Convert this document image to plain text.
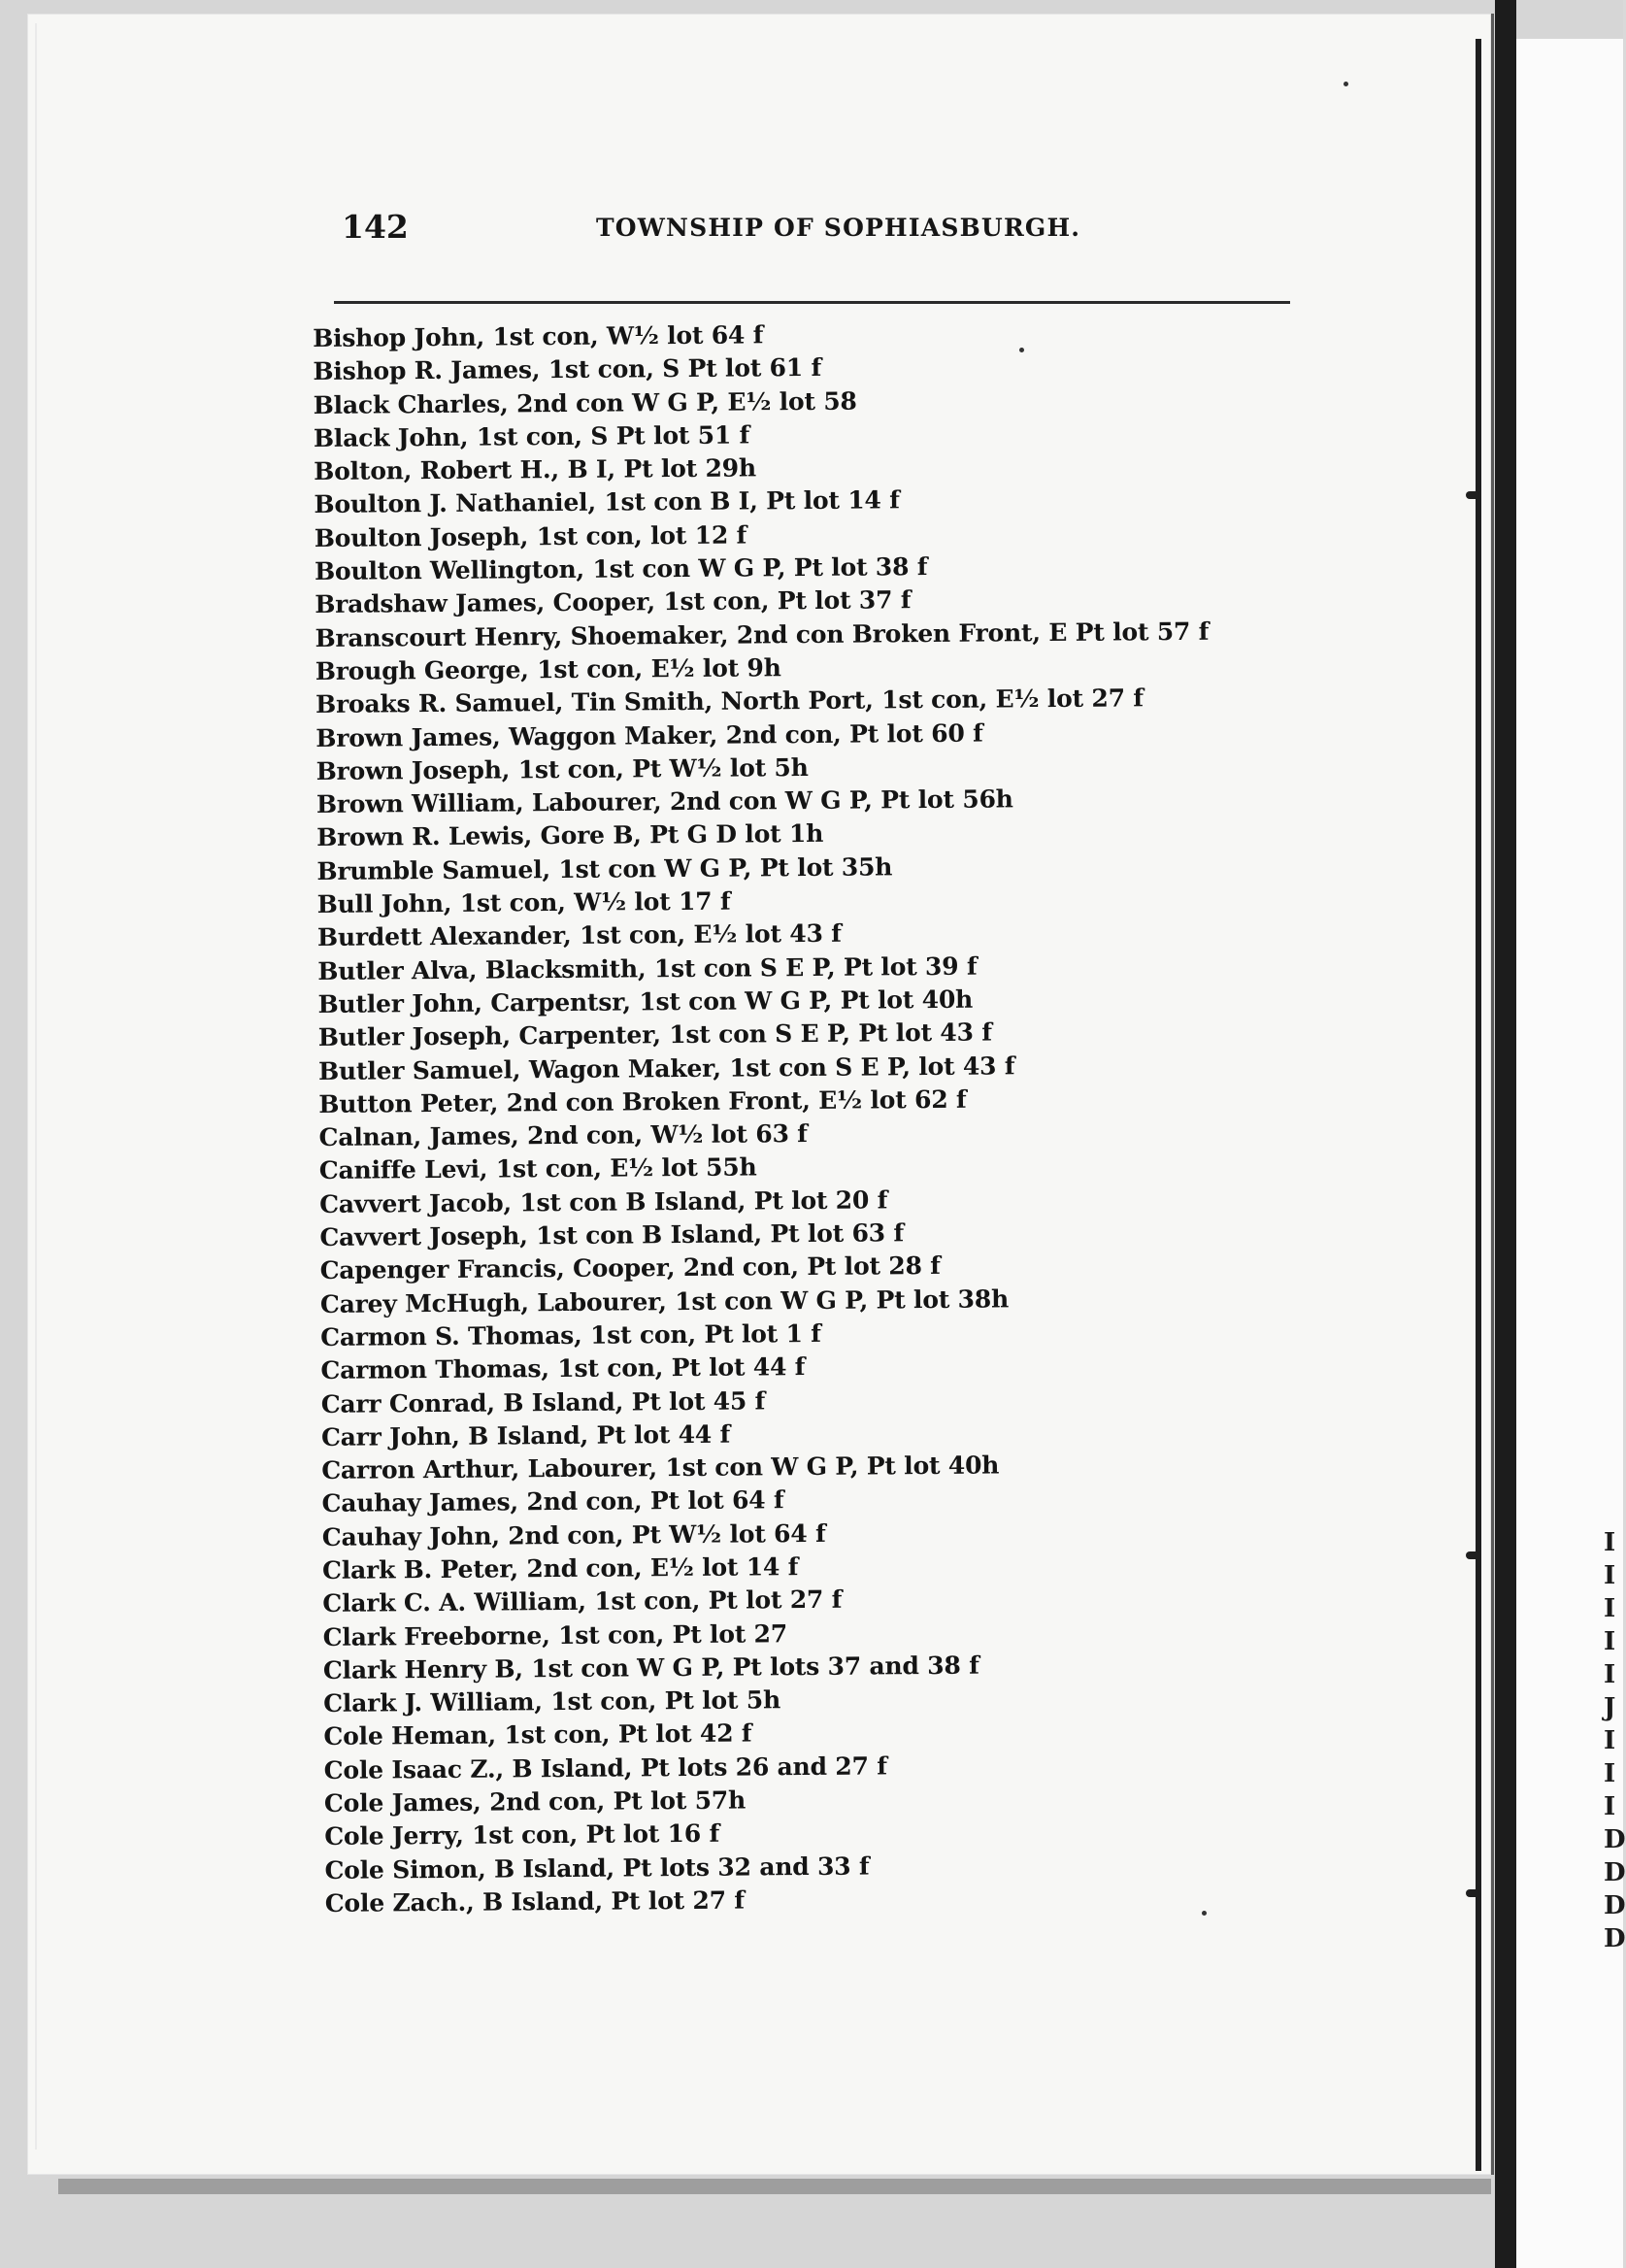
I
I
I
I
I
J
I
I
I
D
D
D
D
142	TOWNSHIP OF SOPHIASBURGH.
Bishop John, 1st con, W½ lot 64 f
Bishop R. James, 1st con, S Pt lot 61 f
Black Charles, 2nd con W G P, E½ lot 58
Black John, 1st con, S Pt lot 51 f
Bolton, Robert H., B I, Pt lot 29h
Boulton J. Nathaniel, 1st con B I, Pt lot 14 f
Boulton Joseph, 1st con, lot 12 f
Boulton Wellington, 1st con W G P, Pt lot 38 f
Bradshaw James, Cooper, 1st con, Pt lot 37 f
Branscourt Henry, Shoemaker, 2nd con Broken Front, E Pt lot 57 f
Brough George, 1st con, E½ lot 9h
Broaks R. Samuel, Tin Smith, North Port, 1st con, E½ lot 27 f
Brown James, Waggon Maker, 2nd con, Pt lot 60 f
Brown Joseph, 1st con, Pt W½ lot 5h
Brown William, Labourer, 2nd con W G P, Pt lot 56h
Brown R. Lewis, Gore B, Pt G D lot 1h
Brumble Samuel, 1st con W G P, Pt lot 35h
Bull John, 1st con, W½ lot 17 f
Burdett Alexander, 1st con, E½ lot 43 f
Butler Alva, Blacksmith, 1st con S E P, Pt lot 39 f
Butler John, Carpentsr, 1st con W G P, Pt lot 40h
Butler Joseph, Carpenter, 1st con S E P, Pt lot 43 f
Butler Samuel, Wagon Maker, 1st con S E P, lot 43 f
Button Peter, 2nd con Broken Front, E½ lot 62 f
Calnan, James, 2nd con, W½ lot 63 f
Caniffe Levi, 1st con, E½ lot 55h
Cavvert Jacob, 1st con B Island, Pt lot 20 f
Cavvert Joseph, 1st con B Island, Pt lot 63 f
Capenger Francis, Cooper, 2nd con, Pt lot 28 f
Carey McHugh, Labourer, 1st con W G P, Pt lot 38h
Carmon S. Thomas, 1st con, Pt lot 1 f
Carmon Thomas, 1st con, Pt lot 44 f
Carr Conrad, B Island, Pt lot 45 f
Carr John, B Island, Pt lot 44 f
Carron Arthur, Labourer, 1st con W G P, Pt lot 40h
Cauhay James, 2nd con, Pt lot 64 f
Cauhay John, 2nd con, Pt W½ lot 64 f
Clark B. Peter, 2nd con, E½ lot 14 f
Clark C. A. William, 1st con, Pt lot 27 f
Clark Freeborne, 1st con, Pt lot 27
Clark Henry B, 1st con W G P, Pt lots 37 and 38 f
Clark J. William, 1st con, Pt lot 5h
Cole Heman, 1st con, Pt lot 42 f
Cole Isaac Z., B Island, Pt lots 26 and 27 f
Cole James, 2nd con, Pt lot 57h
Cole Jerry, 1st con, Pt lot 16 f
Cole Simon, B Island, Pt lots 32 and 33 f
Cole Zach., B Island, Pt lot 27 f
